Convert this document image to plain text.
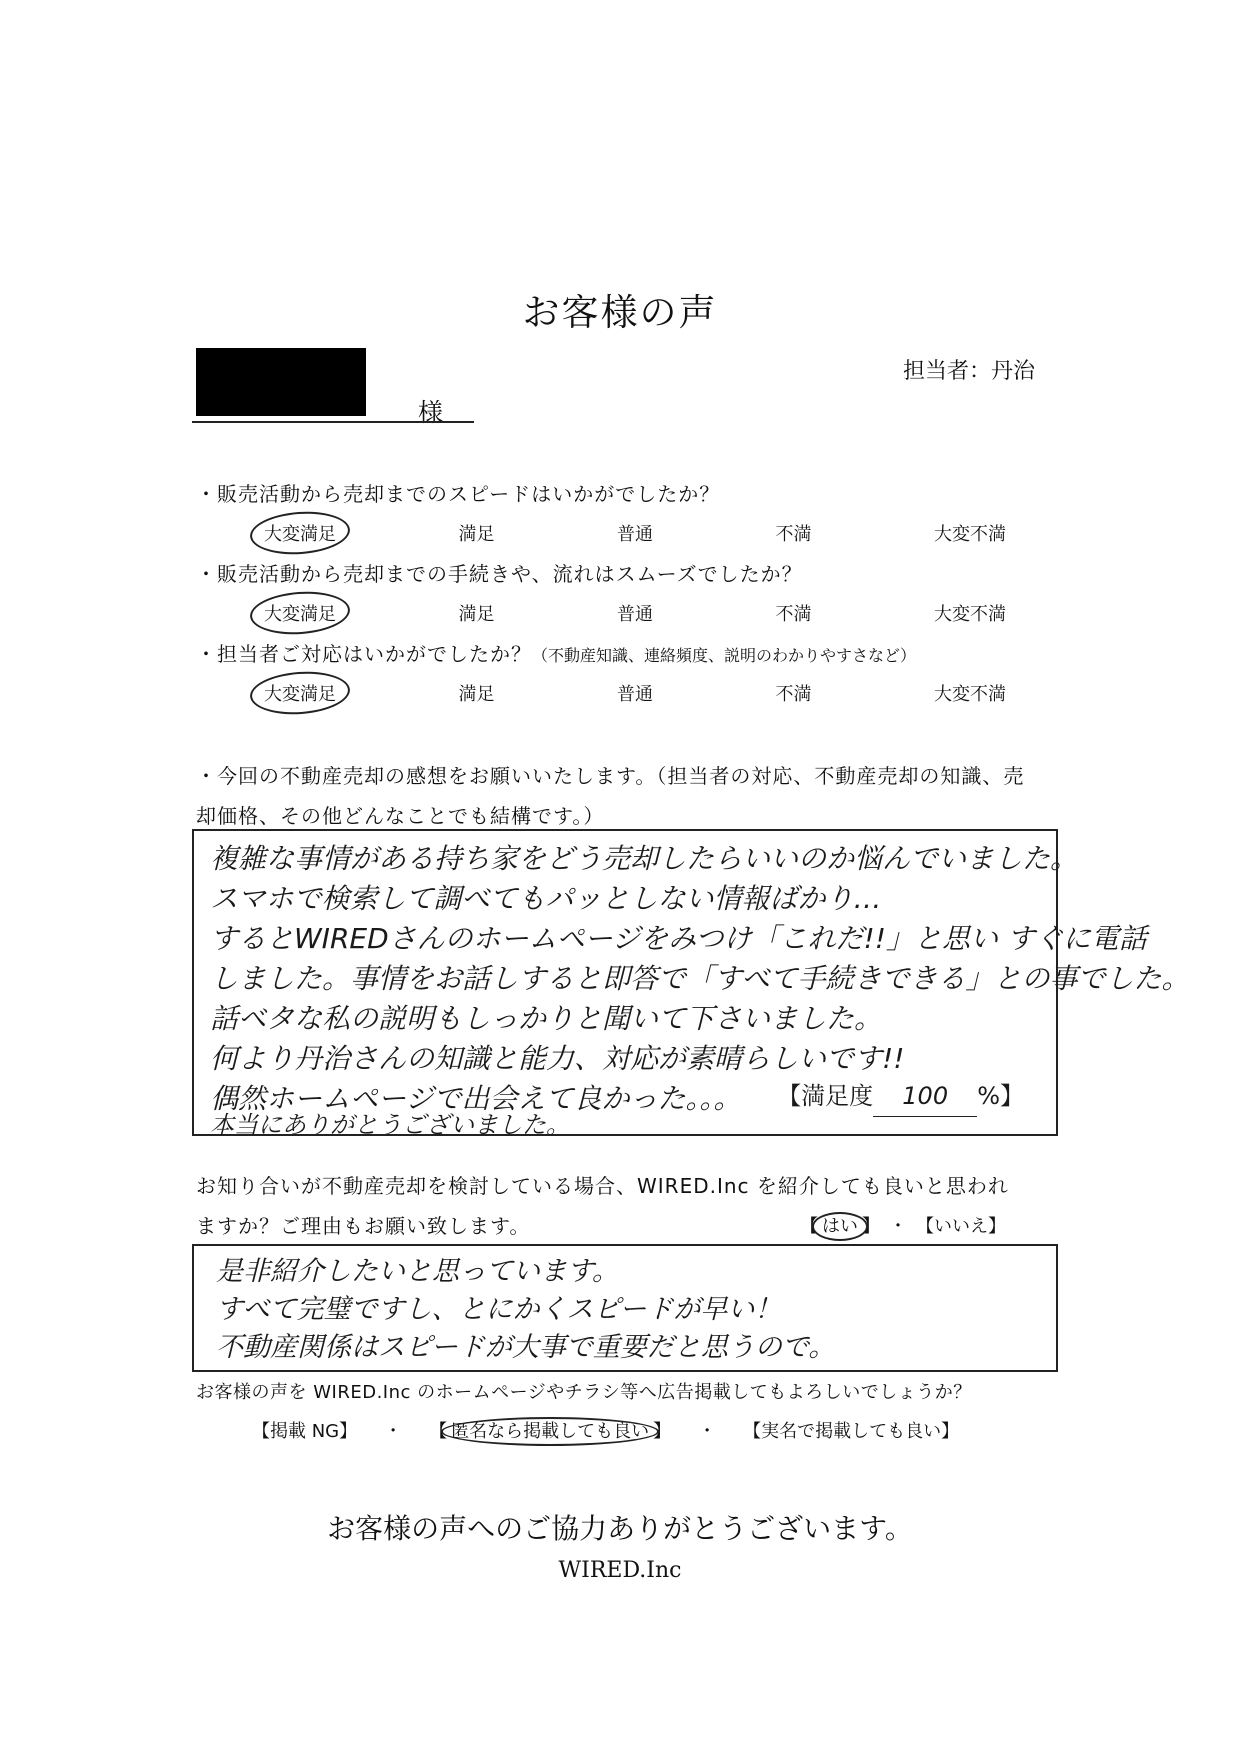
お客様の声
様
担当者：丹治
・販売活動から売却までのスピードはいかがでしたか？
大変満足	満足	普通	不満	大変不満
・販売活動から売却までの手続きや、流れはスムーズでしたか？
大変満足	満足	普通	不満	大変不満
・担当者ご対応はいかがでしたか？（不動産知識、連絡頻度、説明のわかりやすさなど）
大変満足	満足	普通	不満	大変不満
・今回の不動産売却の感想をお願いいたします。（担当者の対応、不動産売却の知識、売
却価格、その他どんなことでも結構です。）
複雑な事情がある持ち家をどう売却したらいいのか悩んでいました。
スマホで検索して調べてもパッとしない情報ばかり…
するとWIREDさんのホームページをみつけ「これだ!!」と思い すぐに電話
しました。事情をお話しすると即答で「すべて手続きできる」との事でした。
話ベタな私の説明もしっかりと聞いて下さいました。
何より丹治さんの知識と能力、対応が素晴らしいです!!
偶然ホームページで出会えて良かった。。。
本当にありがとうございました。
【満足度 100 %】
お知り合いが不動産売却を検討している場合、WIRED.Inc を紹介しても良いと思われ
ますか？ご理由もお願い致します。	【 はい 】　・　【いいえ】
是非紹介したいと思っています。
すべて完璧ですし、とにかくスピードが早い！
不動産関係はスピードが大事で重要だと思うので。
お客様の声を WIRED.Inc のホームページやチラシ等へ広告掲載してもよろしいでしょうか？
【掲載 NG】　　・　　【 匿名なら掲載しても良い 】　　・　　【実名で掲載しても良い】
お客様の声へのご協力ありがとうございます。
WIRED.Inc
